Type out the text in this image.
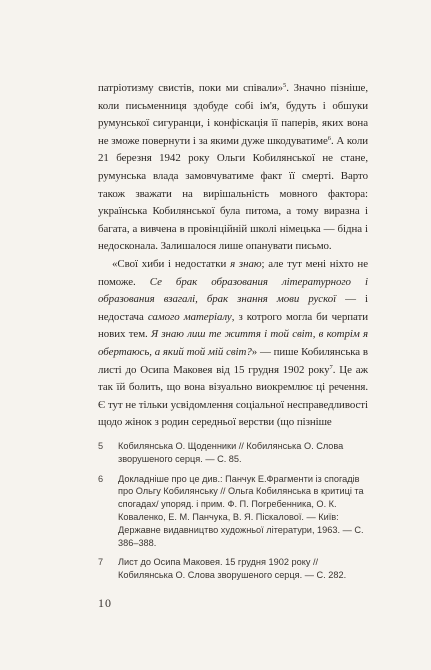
патріотизму свистів, поки ми співали»$^5$. Значно пізніше, коли письменниця здобуде собі ім'я, будуть і обшуки румунської сигуранци, і конфіскація її паперів, яких вона не зможе повернути і за якими дуже шкодуватиме$^6$. А коли 21 березня 1942 року Ольги Кобилянської не стане, румунська влада замовчуватиме факт її смерті. Варто також зважати на вирішальність мовного фактора: українська Кобилянської була питома, а тому виразна і багата, а вивчена в провінційній школі німецька — бідна і недосконала. Залишалося лише опанувати письмо.

«Свої хиби і недостатки я знаю; але тут мені ніхто не поможе. Се брак образования літературного і образования взагалі, брак знання мови рускої — і недостача самого матеріалу, з котрого могла би черпати нових тем. Я знаю лиш те життя і той світ, в котрім я обертаюсь, а який той мій світ?» — пише Кобилянська в листі до Осипа Маковея від 15 грудня 1902 року$^7$. Це аж так їй болить, що вона візуально виокремлює ці речення. Є тут не тільки усвідомлення соціальної несправедливості щодо жінок з родин середньої верстви (що пізніше

5	Кобилянська О. Щоденники // Кобилянська О. Слова зворушеного серця. — С. 85.
6	Докладніше про це див.: Панчук Е.Фрагменти із спогадів про Ольгу Кобилянську // Ольга Кобилянська в критиці та спогадах/ упоряд. і прим. Ф. П. Погребенника, О. К. Коваленко, Е. М. Панчука, В. Я. Піскалової. — Київ: Державне видавництво художньої літератури, 1963. — С. 386–388.
7	Лист до Осипа Маковея. 15 грудня 1902 року // Кобилянська О. Слова зворушеного серця. — С. 282.
10
